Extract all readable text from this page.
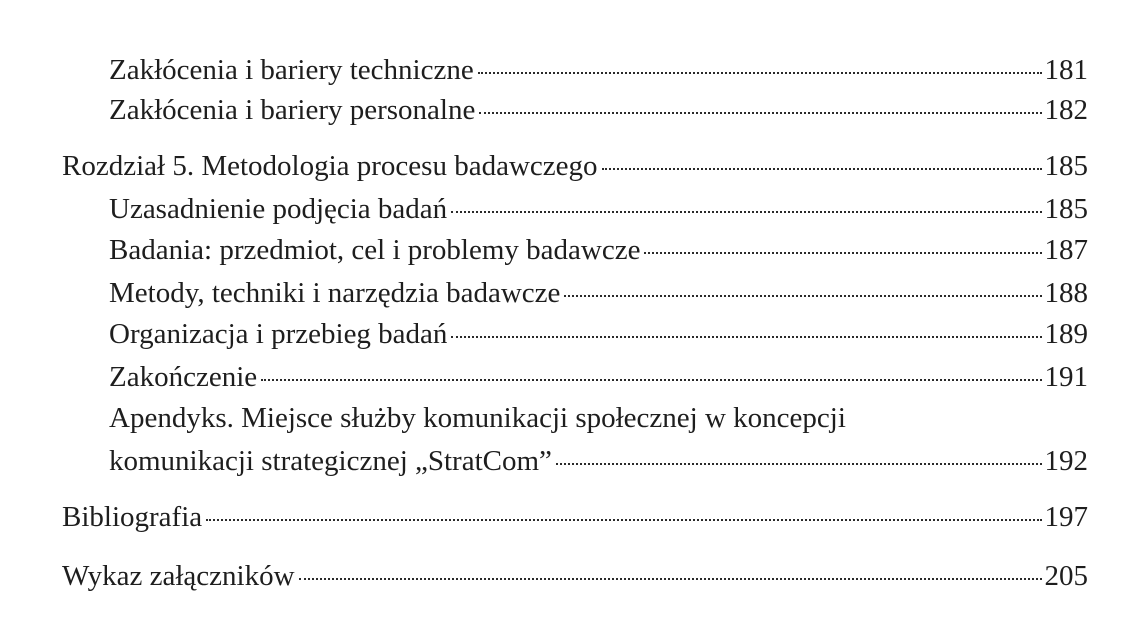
Zakłócenia i bariery techniczne	181
Zakłócenia i bariery personalne	182
Rozdział 5. Metodologia procesu badawczego	185
Uzasadnienie podjęcia badań	185
Badania: przedmiot, cel i problemy badawcze	187
Metody, techniki i narzędzia badawcze	188
Organizacja i przebieg badań	189
Zakończenie	191
Apendyks. Miejsce służby komunikacji społecznej w koncepcji
komunikacji strategicznej „StratCom”	192
Bibliografia	197
Wykaz załączników	205
